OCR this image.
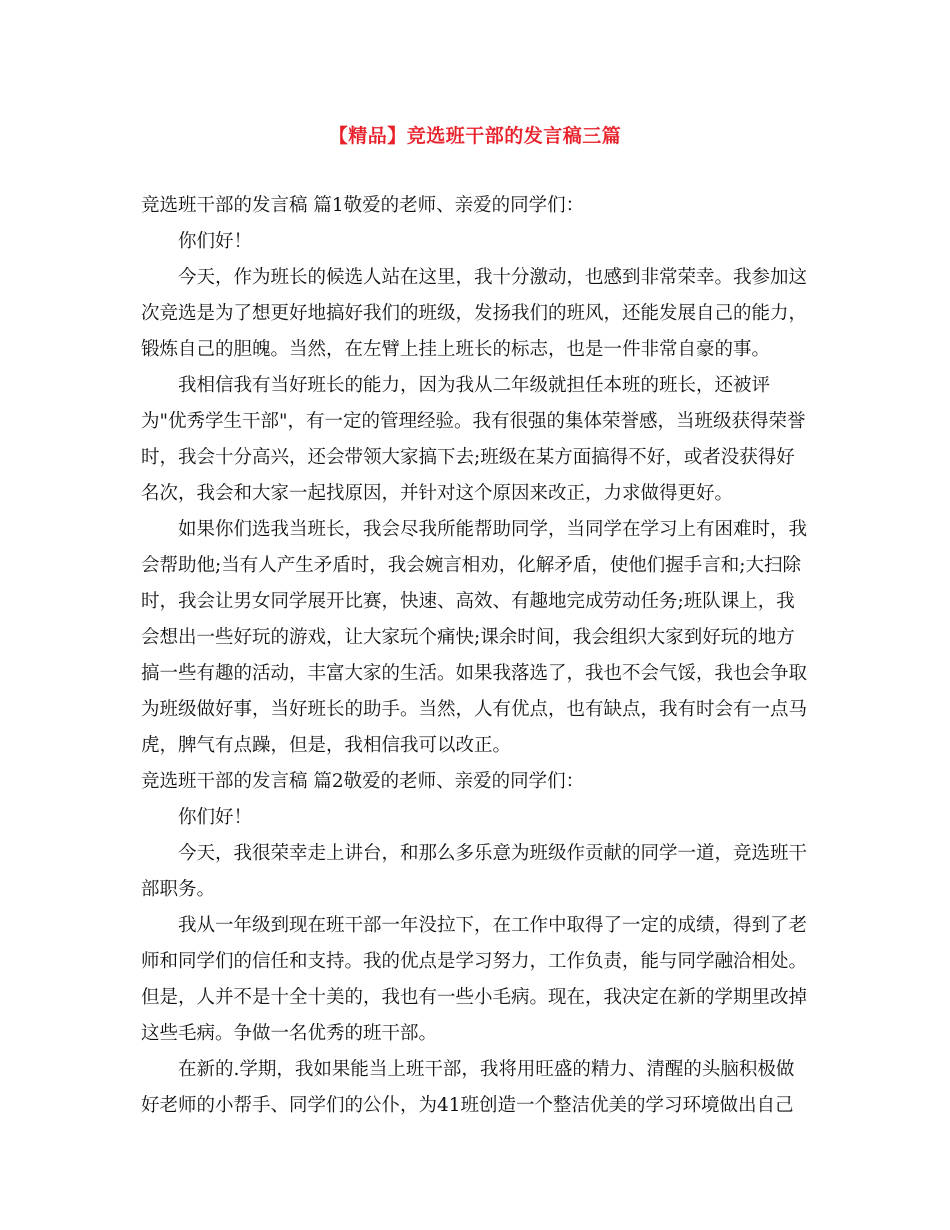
【精品】竞选班干部的发言稿三篇

竞选班干部的发言稿 篇1敬爱的老师、亲爱的同学们：

你们好！

今天，作为班长的候选人站在这里，我十分激动，也感到非常荣幸。我参加这

次竞选是为了想更好地搞好我们的班级，发扬我们的班风，还能发展自己的能力，

锻炼自己的胆魄。当然，在左臂上挂上班长的标志，也是一件非常自豪的事。

我相信我有当好班长的能力，因为我从二年级就担任本班的班长，还被评

为"优秀学生干部"，有一定的管理经验。我有很强的集体荣誉感，当班级获得荣誉

时，我会十分高兴，还会带领大家搞下去;班级在某方面搞得不好，或者没获得好

名次，我会和大家一起找原因，并针对这个原因来改正，力求做得更好。

如果你们选我当班长，我会尽我所能帮助同学，当同学在学习上有困难时，我

会帮助他;当有人产生矛盾时，我会婉言相劝，化解矛盾，使他们握手言和;大扫除

时，我会让男女同学展开比赛，快速、高效、有趣地完成劳动任务;班队课上，我

会想出一些好玩的游戏，让大家玩个痛快;课余时间，我会组织大家到好玩的地方

搞一些有趣的活动，丰富大家的生活。如果我落选了，我也不会气馁，我也会争取

为班级做好事，当好班长的助手。当然，人有优点，也有缺点，我有时会有一点马

虎，脾气有点躁，但是，我相信我可以改正。

竞选班干部的发言稿 篇2敬爱的老师、亲爱的同学们：

你们好！

今天，我很荣幸走上讲台，和那么多乐意为班级作贡献的同学一道，竞选班干

部职务。

我从一年级到现在班干部一年没拉下，在工作中取得了一定的成绩，得到了老

师和同学们的信任和支持。我的优点是学习努力，工作负责，能与同学融洽相处。

但是，人并不是十全十美的，我也有一些小毛病。现在，我决定在新的学期里改掉

这些毛病。争做一名优秀的班干部。

在新的.学期，我如果能当上班干部，我将用旺盛的精力、清醒的头脑积极做

好老师的小帮手、同学们的公仆，为41班创造一个整洁优美的学习环境做出自己
